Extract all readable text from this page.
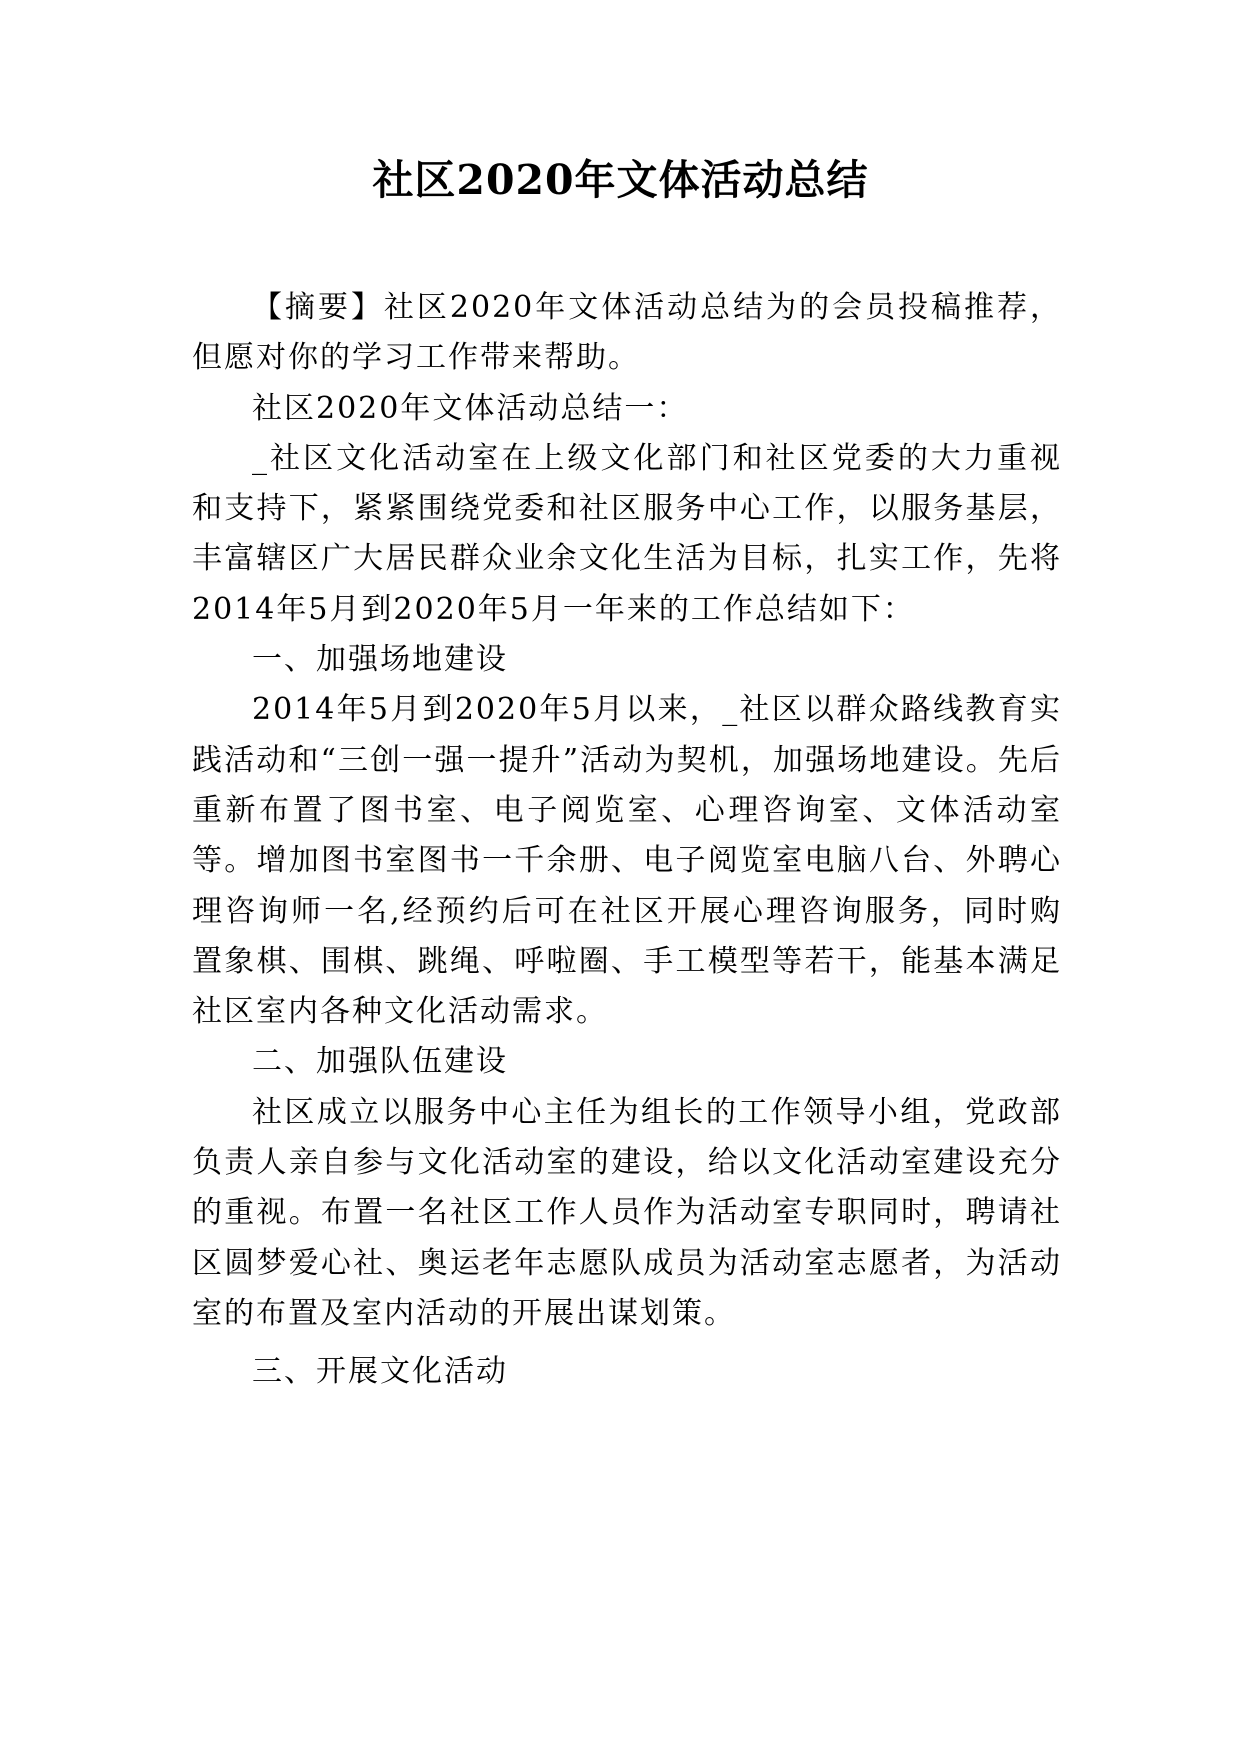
社区2020年文体活动总结

【摘要】社区2020年文体活动总结为的会员投稿推荐，但愿对你的学习工作带来帮助。

社区2020年文体活动总结一：

_社区文化活动室在上级文化部门和社区党委的大力重视和支持下，紧紧围绕党委和社区服务中心工作，以服务基层，丰富辖区广大居民群众业余文化生活为目标，扎实工作，先将2014年5月到2020年5月一年来的工作总结如下：

一、加强场地建设

2014年5月到2020年5月以来，_社区以群众路线教育实践活动和“三创一强一提升”活动为契机，加强场地建设。先后重新布置了图书室、电子阅览室、心理咨询室、文体活动室等。增加图书室图书一千余册、电子阅览室电脑八台、外聘心理咨询师一名,经预约后可在社区开展心理咨询服务，同时购置象棋、围棋、跳绳、呼啦圈、手工模型等若干，能基本满足社区室内各种文化活动需求。

二、加强队伍建设

社区成立以服务中心主任为组长的工作领导小组，党政部负责人亲自参与文化活动室的建设，给以文化活动室建设充分的重视。布置一名社区工作人员作为活动室专职同时，聘请社区圆梦爱心社、奥运老年志愿队成员为活动室志愿者，为活动室的布置及室内活动的开展出谋划策。

三、开展文化活动
